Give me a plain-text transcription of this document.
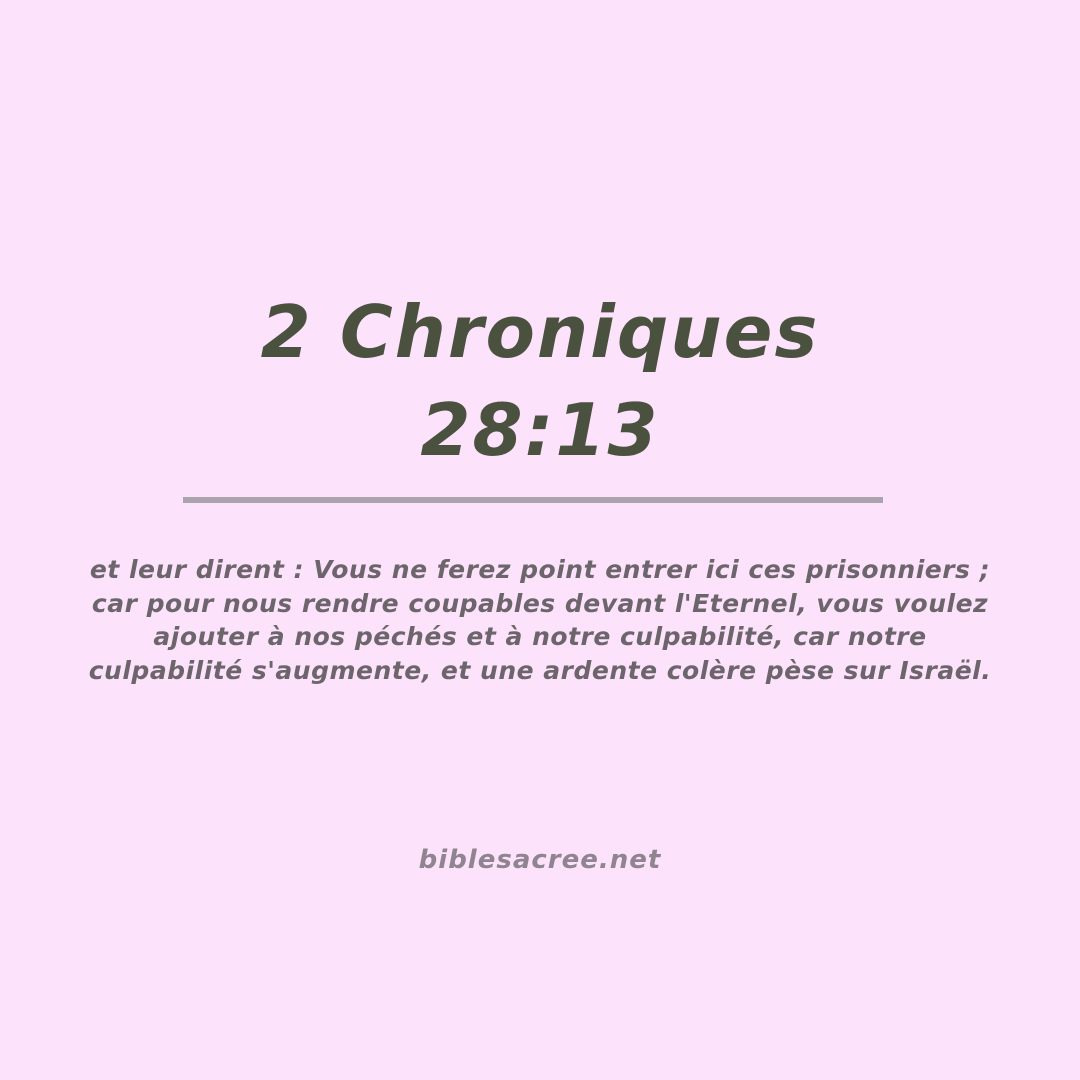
2 Chroniques
28:13
et leur dirent : Vous ne ferez point entrer ici ces prisonniers ;
car pour nous rendre coupables devant l'Eternel, vous voulez
ajouter à nos péchés et à notre culpabilité, car notre
culpabilité s'augmente, et une ardente colère pèse sur Israël.
biblesacree.net
